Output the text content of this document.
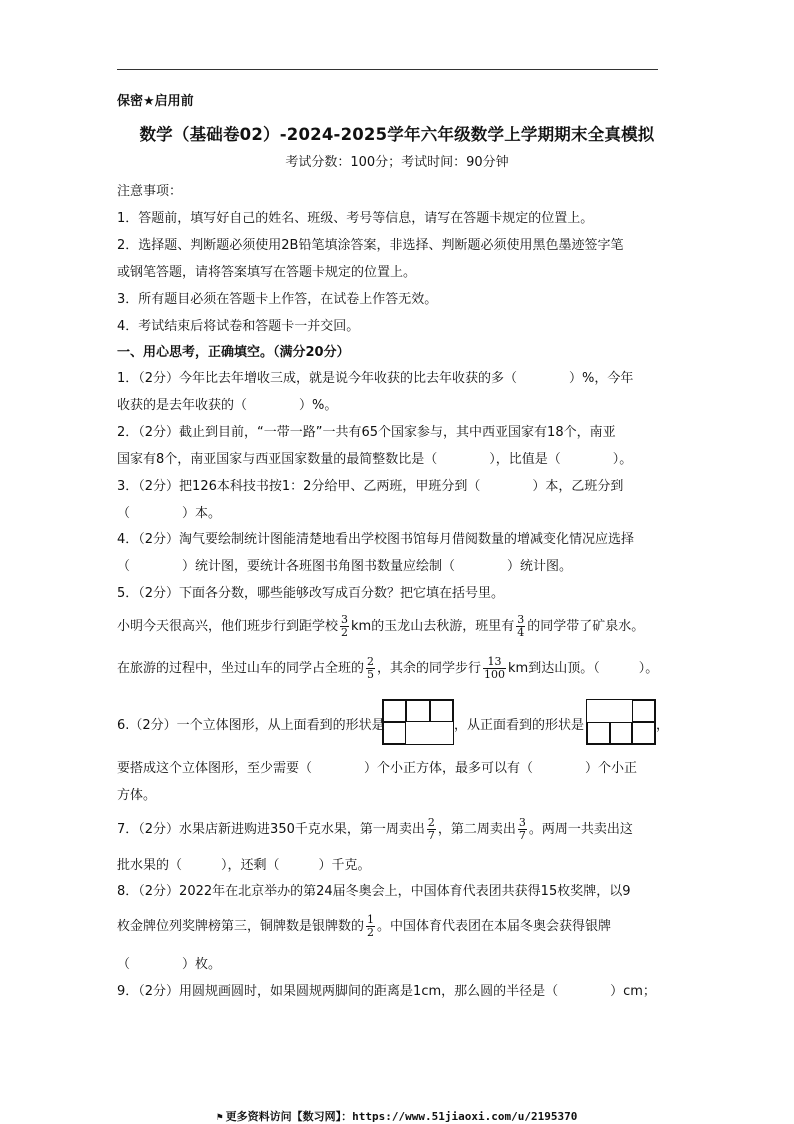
保密★启用前
数学（基础卷02）-2024-2025学年六年级数学上学期期末全真模拟
考试分数：100分；考试时间：90分钟
注意事项：
1．答题前，填写好自己的姓名、班级、考号等信息，请写在答题卡规定的位置上。
2．选择题、判断题必须使用2B铅笔填涂答案，非选择、判断题必须使用黑色墨迹签字笔
或钢笔答题，请将答案填写在答题卡规定的位置上。
3．所有题目必须在答题卡上作答，在试卷上作答无效。
4．考试结束后将试卷和答题卡一并交回。
一、用心思考，正确填空。（满分20分）
1．（2分）今年比去年增收三成，就是说今年收获的比去年收获的多（　　　　）%，今年
收获的是去年收获的（　　　　）%。
2．（2分）截止到目前，“一带一路”一共有65个国家参与，其中西亚国家有18个，南亚
国家有8个，南亚国家与西亚国家数量的最简整数比是（　　　　），比值是（　　　　）。
3．（2分）把126本科技书按1：2分给甲、乙两班，甲班分到（　　　　）本，乙班分到
（　　　　）本。
4．（2分）淘气要绘制统计图能清楚地看出学校图书馆每月借阅数量的增减变化情况应选择
（　　　　）统计图，要统计各班图书角图书数量应绘制（　　　　）统计图。
5．（2分）下面各分数，哪些能够改写成百分数？把它填在括号里。
小明今天很高兴，他们班步行到距学校 $\frac{3}{2}$ km的玉龙山去秋游，班里有 $\frac{3}{4}$ 的同学带了矿泉水。
在旅游的过程中，坐过山车的同学占全班的 $\frac{2}{5}$ ，其余的同学步行 $\frac{13}{100}$ km到达山顶。（　　　）。
6.（2分）一个立体图形，从上面看到的形状是	，从正面看到的形状是	，
要搭成这个立体图形，至少需要（　　　　）个小正方体，最多可以有（　　　　）个小正
方体。
7．（2分）水果店新进购进350千克水果，第一周卖出 $\frac{2}{7}$ ，第二周卖出 $\frac{3}{7}$ 。两周一共卖出这
批水果的（　　　），还剩（　　　）千克。
8．（2分）2022年在北京举办的第24届冬奥会上，中国体育代表团共获得15枚奖牌，以9
枚金牌位列奖牌榜第三，铜牌数是银牌数的 $\frac{1}{2}$ 。中国体育代表团在本届冬奥会获得银牌
（　　　　）枚。
9．（2分）用圆规画圆时，如果圆规两脚间的距离是1cm，那么圆的半径是（　　　　）cm；
⚑ 更多资料访问【数习网】：https://www.51jiaoxi.com/u/2195370
